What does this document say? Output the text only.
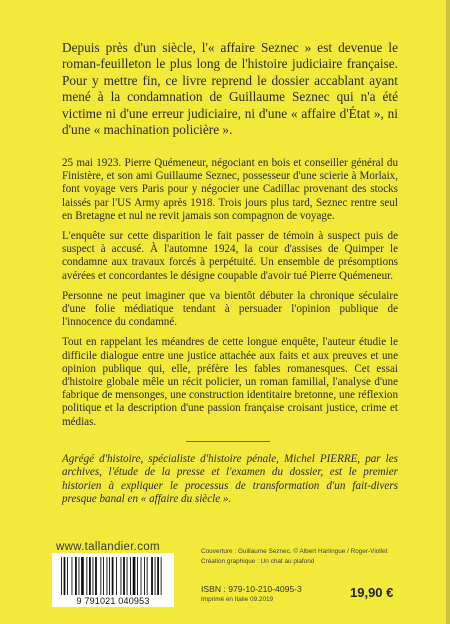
Depuis près d'un siècle, l'« affaire Seznec » est devenue le roman-feuilleton le plus long de l'histoire judiciaire française. Pour y mettre fin, ce livre reprend le dossier accablant ayant mené à la condamnation de Guillaume Seznec qui n'a été victime ni d'une erreur judiciaire, ni d'une « affaire d'État », ni d'une « machination policière ».

25 mai 1923. Pierre Quémeneur, négociant en bois et conseiller général du Finistère, et son ami Guillaume Seznec, possesseur d'une scierie à Morlaix, font voyage vers Paris pour y négocier une Cadillac provenant des stocks laissés par l'US Army après 1918. Trois jours plus tard, Seznec rentre seul en Bretagne et nul ne revit jamais son compagnon de voyage.

L'enquête sur cette disparition le fait passer de témoin à suspect puis de suspect à accusé. À l'automne 1924, la cour d'assises de Quimper le condamne aux travaux forcés à perpétuité. Un ensemble de présomptions avérées et concordantes le désigne coupable d'avoir tué Pierre Quémeneur.

Personne ne peut imaginer que va bientôt débuter la chronique séculaire d'une folie médiatique tendant à persuader l'opinion publique de l'innocence du condamné.

Tout en rappelant les méandres de cette longue enquête, l'auteur étudie le difficile dialogue entre une justice attachée aux faits et aux preuves et une opinion publique qui, elle, préfère les fables romanesques. Cet essai d'histoire globale mêle un récit policier, un roman familial, l'analyse d'une fabrique de mensonges, une construction identitaire bretonne, une réflexion politique et la description d'une passion française croisant justice, crime et médias.

Agrégé d'histoire, spécialiste d'histoire pénale, Michel PIERRE, par les archives, l'étude de la presse et l'examen du dossier, est le premier historien à expliquer le processus de transformation d'un fait-divers presque banal en « affaire du siècle ».

www.tallandier.com
9 791021 040953
Couverture : Guillaume Seznec. © Albert Harlingue / Roger-Viollet
Création graphique : Un chat au plafond
ISBN : 979-10-210-4095-3
Imprimé en Italie 09.2019	19,90 €
